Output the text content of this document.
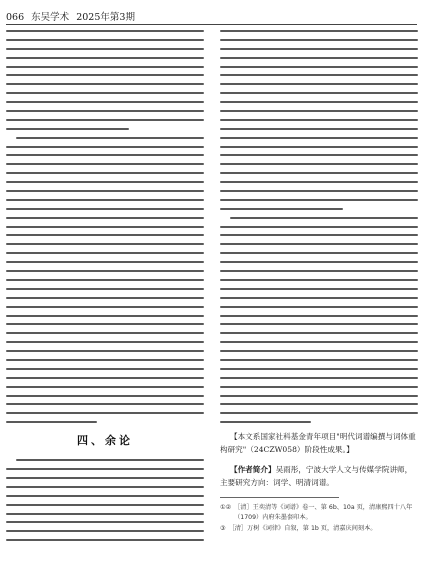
066 东吴学术 2025年第3期
四、余论	【本文系国家社科基金青年项目"明代词谱编撰与词体重构研究"（24CZW058）阶段性成果。】
【作者简介】吴雨彤，宁波大学人文与传媒学院讲师，主要研究方向：词学、明清词谱。
①② ［清］王奕清等《词谱》卷一、第 6b、10a 页，清康熙四十八年（1709）内府朱墨套印本。
③ ［清］万树《词律》自叙，第 1b 页，清嘉庆间刻本。
